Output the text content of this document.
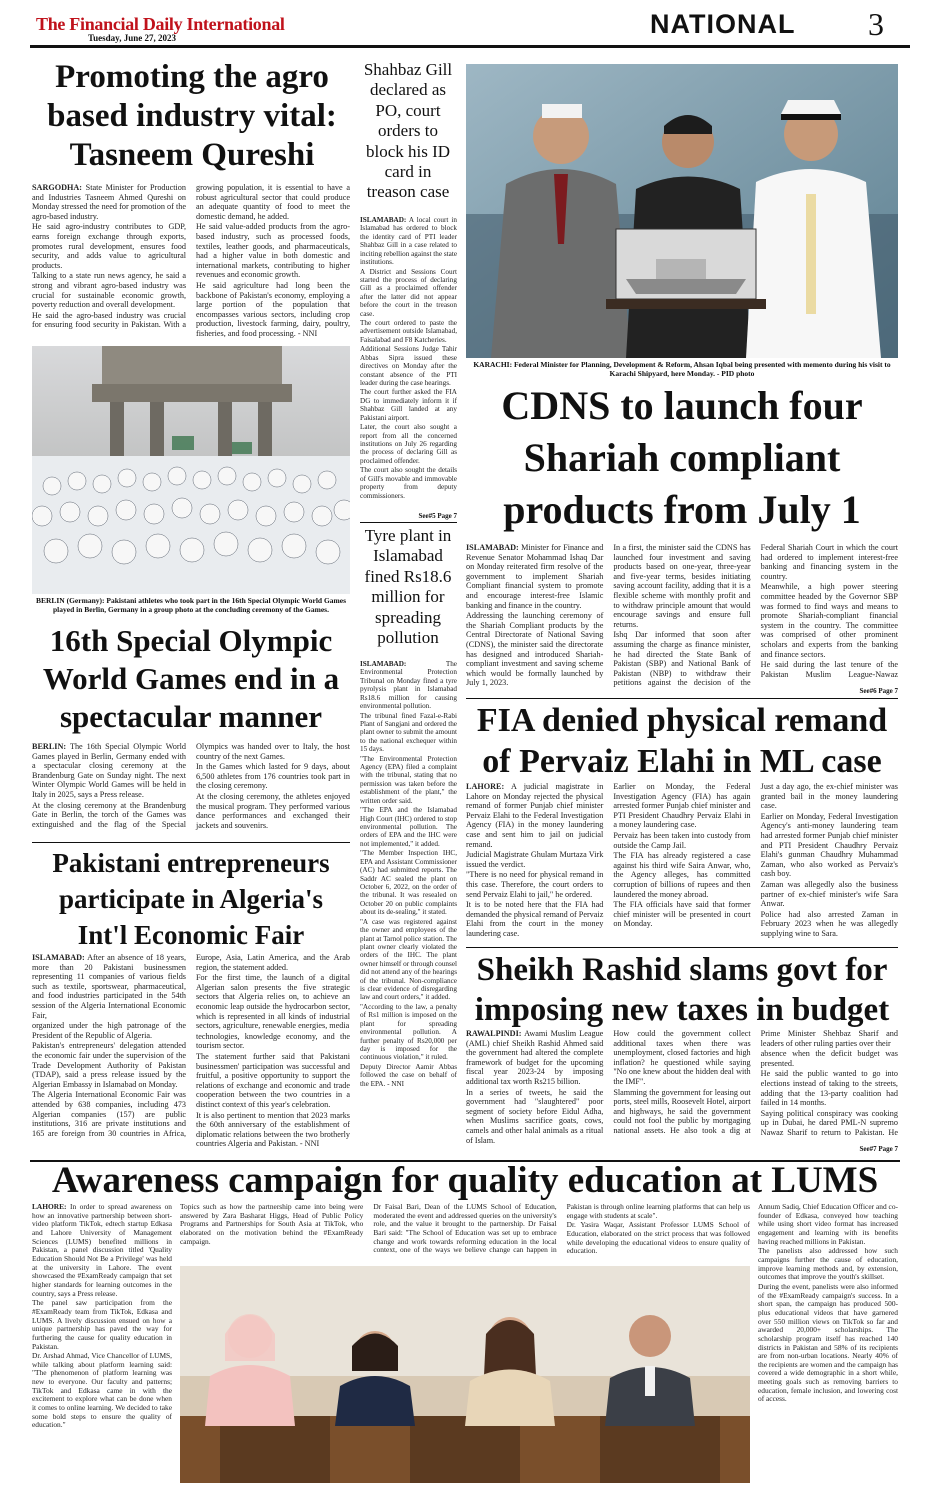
The Financial Daily International
Tuesday, June 27, 2023	NATIONAL 3
Promoting the agro based industry vital: Tasneem Qureshi

SARGODHA: State Minister for Production and Industries Tasneem Ahmed Qureshi on Monday stressed the need for promotion of the agro-based industry.

He said agro-industry contributes to GDP, earns foreign exchange through exports, promotes rural development, ensures food security, and adds value to agricultural products.

Talking to a state run news agency, he said a strong and vibrant agro-based industry was crucial for sustainable economic growth, poverty reduction and overall development.

He said the agro-based industry was crucial for ensuring food security in Pakistan. With a growing population, it is essential to have a robust agricultural sector that could produce an adequate quantity of food to meet the domestic demand, he added.

He said value-added products from the agro-based industry, such as processed foods, textiles, leather goods, and pharmaceuticals, had a higher value in both domestic and international markets, contributing to higher revenues and economic growth.

He said agriculture had long been the backbone of Pakistan's economy, employing a large portion of the population that encompasses various sectors, including crop production, livestock farming, dairy, poultry, fisheries, and food processing. - NNI

BERLIN (Germany): Pakistani athletes who took part in the 16th Special Olympic World Games played in Berlin, Germany in a group photo at the concluding ceremony of the Games.
16th Special Olympic World Games end in a spectacular manner

BERLIN: The 16th Special Olympic World Games played in Berlin, Germany ended with a spectacular closing ceremony at the Brandenburg Gate on Sunday night. The next Winter Olympic World Games will be held in Italy in 2025, says a Press release.

At the closing ceremony at the Brandenburg Gate in Berlin, the torch of the Games was extinguished and the flag of the Special Olympics was handed over to Italy, the host country of the next Games.

In the Games which lasted for 9 days, about 6,500 athletes from 176 countries took part in the closing ceremony.

At the closing ceremony, the athletes enjoyed the musical program. They performed various dance performances and exchanged their jackets and souvenirs.

Pakistani entrepreneurs participate in Algeria's Int'l Economic Fair

ISLAMABAD: After an absence of 18 years, more than 20 Pakistani businessmen representing 11 companies of various fields such as textile, sportswear, pharmaceutical, and food industries participated in the 54th session of the Algeria International Economic Fair,

organized under the high patronage of the President of the Republic of Algeria.

Pakistan's entrepreneurs' delegation attended the economic fair under the supervision of the Trade Development Authority of Pakistan (TDAP), said a press release issued by the Algerian Embassy in Islamabad on Monday.

The Algeria International Economic Fair was attended by 638 companies, including 473 Algerian companies (157) are public institutions, 316 are private institutions and 165 are foreign from 30 countries in Africa, Europe, Asia, Latin America, and the Arab region, the statement added.

For the first time, the launch of a digital Algerian salon presents the five strategic sectors that Algeria relies on, to achieve an economic leap outside the hydrocarbon sector, which is represented in all kinds of industrial sectors, agriculture, renewable energies, media

technologies, knowledge economy, and the tourism sector.

The statement further said that Pakistani businessmen' participation was successful and fruitful, a positive opportunity to support the relations of exchange and economic and trade cooperation between the two countries in a distinct context of this year's celebration.

It is also pertinent to mention that 2023 marks the 60th anniversary of the establishment of diplomatic relations between the two brotherly countries Algeria and Pakistan. - NNI

Shahbaz Gill declared as PO, court orders to block his ID card in treason case

ISLAMABAD: A local court in Islamabad has ordered to block the identity card of PTI leader Shahbaz Gill in a case related to inciting rebellion against the state institutions.

A District and Sessions Court started the process of declaring Gill as a proclaimed offender after the latter did not appear before the court in the treason case.

The court ordered to paste the advertisement outside Islamabad, Faisalabad and F8 Katcheries.

Additional Sessions Judge Tahir Abbas Sipra issued these directives on Monday after the constant absence of the PTI leader during the case hearings.

The court further asked the FIA DG to immediately inform it if Shahbaz Gill landed at any Pakistani airport.

Later, the court also sought a report from all the concerned institutions on July 26 regarding the process of declaring Gill as proclaimed offender.

The court also sought the details of Gill's movable and immovable property from deputy commissioners.

See#5 Page 7
Tyre plant in Islamabad fined Rs18.6 million for spreading pollution

ISLAMABAD:	The Environmental Protection Tribunal on Monday fined a tyre pyrolysis plant in Islamabad Rs18.6 million for causing environmental pollution.

The tribunal fined Fazal-e-Rabi Plant of Sangjani and ordered the plant owner to submit the amount to the national exchequer within 15 days.

"The Environmental Protection Agency (EPA) filed a complaint with the tribunal, stating that no permission was taken before the establishment of the plant," the written order said.

"The EPA and the Islamabad High Court (IHC) ordered to stop environmental pollution. The orders of EPA and the IHC were not implemented," it added.

"The Member Inspection IHC, EPA and Assistant Commissioner (AC) had submitted reports. The Saddr AC sealed the plant on October 6, 2022, on the order of the tribunal. It was resealed on October 20 on public complaints about its de-sealing," it stated.

"A case was registered against the owner and employees of the plant at Tarnol police station. The plant owner clearly violated the orders of the IHC. The plant owner himself or through counsel did not attend any of the hearings of the tribunal. Non-compliance is clear evidence of disregarding law and court orders," it added.

"According to the law, a penalty of Rs1 million is imposed on the plant for spreading environmental pollution. A further penalty of Rs20,000 per day is imposed for the continuous violation," it ruled.

Deputy Director Aamir Abbas followed the case on behalf of the EPA. - NNI

KARACHI: Federal Minister for Planning, Development & Reform, Ahsan Iqbal being presented with memento during his visit to Karachi Shipyard, here Monday. - PID photo
CDNS to launch four Shariah compliant products from July 1

ISLAMABAD: Minister for Finance and Revenue Senator Mohammad Ishaq Dar on Monday reiterated firm resolve of the government to implement Shariah Compliant financial system to promote and encourage interest-free Islamic banking and finance in the country.

Addressing the launching ceremony of the Shariah Compliant products by the Central Directorate of National Saving (CDNS), the minister said the directorate has designed and introduced Shariah-compliant investment and saving scheme which would be formally launched by July 1, 2023.

In a first, the minister said the CDNS has launched four investment and saving products based on one-year, three-year and five-year terms, besides initiating saving account facility, adding that it is a flexible scheme with monthly profit and to withdraw principle amount that would encourage savings and ensure full returns.

Ishq Dar informed that soon after assuming the charge as finance minister, he had directed the State Bank of Pakistan (SBP) and National Bank of Pakistan (NBP) to withdraw their petitions against the decision of the Federal Shariah Court in which the court had ordered to implement interest-free banking and financing system in the country.

Meanwhile, a high power steering committee headed by the Governor SBP was formed to find ways and means to promote Shariah-compliant financial system in the country. The committee was comprised of other prominent scholars and experts from the banking and finance sectors.

He said during the last tenure of the Pakistan Muslim League-Nawaz

See#6 Page 7
FIA denied physical remand of Pervaiz Elahi in ML case

LAHORE: A judicial magistrate in Lahore on Monday rejected the physical remand of former Punjab chief minister Pervaiz Elahi to the Federal Investigation Agency (FIA) in the money laundering case and sent him to jail on judicial remand.

Judicial Magistrate Ghulam Murtaza Virk issued the verdict.

"There is no need for physical remand in this case. Therefore, the court orders to send Pervaiz Elahi to jail," he ordered.

It is to be noted here that the FIA had demanded the physical remand of Pervaiz Elahi from the court in the money laundering case.

Earlier on Monday, the Federal Investigation Agency (FIA) has again arrested former Punjab chief minister and PTI President Chaudhry Pervaiz Elahi in a money laundering case.

Pervaiz has been taken into custody from outside the Camp Jail.

The FIA has already registered a case against his third wife Saira Anwar, who, the Agency alleges, has committed corruption of billions of rupees and then laundered the money abroad.

The FIA officials have said that former chief minister will be presented in court on Monday.

Just a day ago, the ex-chief minister was granted bail in the money laundering case.

Earlier on Monday, Federal Investigation Agency's anti-money laundering team had arrested former Punjab chief minister and PTI President Chaudhry Pervaiz Elahi's gunman Chaudhry Muhammad Zaman, who also worked as Pervaiz's cash boy.

Zaman was allegedly also the business partner of ex-chief minister's wife Sara Anwar.

Police had also arrested Zaman in February 2023 when he was allegedly supplying wine to Sara.

Sheikh Rashid slams govt for imposing new taxes in budget

RAWALPINDI: Awami Muslim League (AML) chief Sheikh Rashid Ahmed said the government had altered the complete framework of budget for the upcoming fiscal year 2023-24 by imposing additional tax worth Rs215 billion.

In a series of tweets, he said the government had "slaughtered" poor segment of society before Eidul Adha, when Muslims sacrifice goats, cows, camels and other halal animals as a ritual of Islam.

How could the government collect additional taxes when there was unemployment, closed factories and high inflation? he questioned while saying "No one knew about the hidden deal with the IMF".

Slamming the government for leasing out ports, steel mills, Roosevelt Hotel, airport and highways, he said the government could not fool the public by mortgaging national assets. He also took a dig at Prime Minister Shehbaz Sharif and leaders of other ruling parties over their

absence when the deficit budget was presented.

He said the public wanted to go into elections instead of taking to the streets, adding that the 13-party coalition had failed in 14 months.

Saying political conspiracy was cooking up in Dubai, he dared PML-N supremo Nawaz Sharif to return to Pakistan. He

See#7 Page 7
Awareness campaign for quality education at LUMS

LAHORE: In order to spread awareness on how an innovative partnership between short-video platform TikTok, edtech startup Edkasa and Lahore University of Management Sciences (LUMS) benefited millions in Pakistan, a panel discussion titled 'Quality Education Should Not Be a Privilege' was held at the university in Lahore. The event showcased the #ExamReady campaign that set higher standards for learning outcomes in the country, says a Press release.

The panel saw participation from the #ExamReady team from TikTok, Edkasa and LUMS. A lively discussion ensued on how a unique partnership has paved the way for furthering the cause for quality education in Pakistan.

Dr. Arshad Ahmad, Vice Chancellor of LUMS, while talking about platform learning said: "The phenomenon of platform learning was new to everyone. Our faculty and patterns; TikTok and Edkasa came in with the excitement to explore what can be done when it comes to online learning. We decided to take some bold steps to ensure the quality of education."

Topics such as how the partnership came into being were answered by Zara Basharat Higgs, Head of Public Policy Programs and Partnerships for South Asia at TikTok, who elaborated on the motivation behind the #ExamReady campaign.

Dr Faisal Bari, Dean of the LUMS School of Education, moderated the event and addressed queries on the university's role, and the value it brought to the partnership. Dr Faisal Bari said: "The School of Education was set up to embrace change and work towards reforming education in the local context, one of the ways we believe change can happen in Pakistan is through online learning platforms that can help us engage with students at scale".

Dr. Yasira Waqar, Assistant Professor LUMS School of Education, elaborated on the strict process that was followed while developing the educational videos to ensure quality of education.

Annum Sadiq, Chief Education Officer and co-founder of Edkasa, conveyed how teaching while using short video format has increased engagement and learning with its benefits having reached millions in Pakistan.

The panelists also addressed how such campaigns further the cause of education, improve learning methods and, by extension, outcomes that improve the youth's skillset.

During the event, panelists were also informed of the #ExamReady campaign's success. In a short span, the campaign has produced 500-plus educational videos that have garnered over 550 million views on TikTok so far and awarded 20,000+ scholarships. The scholarship program itself has reached 140 districts in Pakistan and 58% of its recipients are from non-urban locations. Nearly 40% of the recipients are women and the campaign has covered a wide demographic in a short while, meeting goals such as removing barriers to education, female inclusion, and lowering cost of access.
